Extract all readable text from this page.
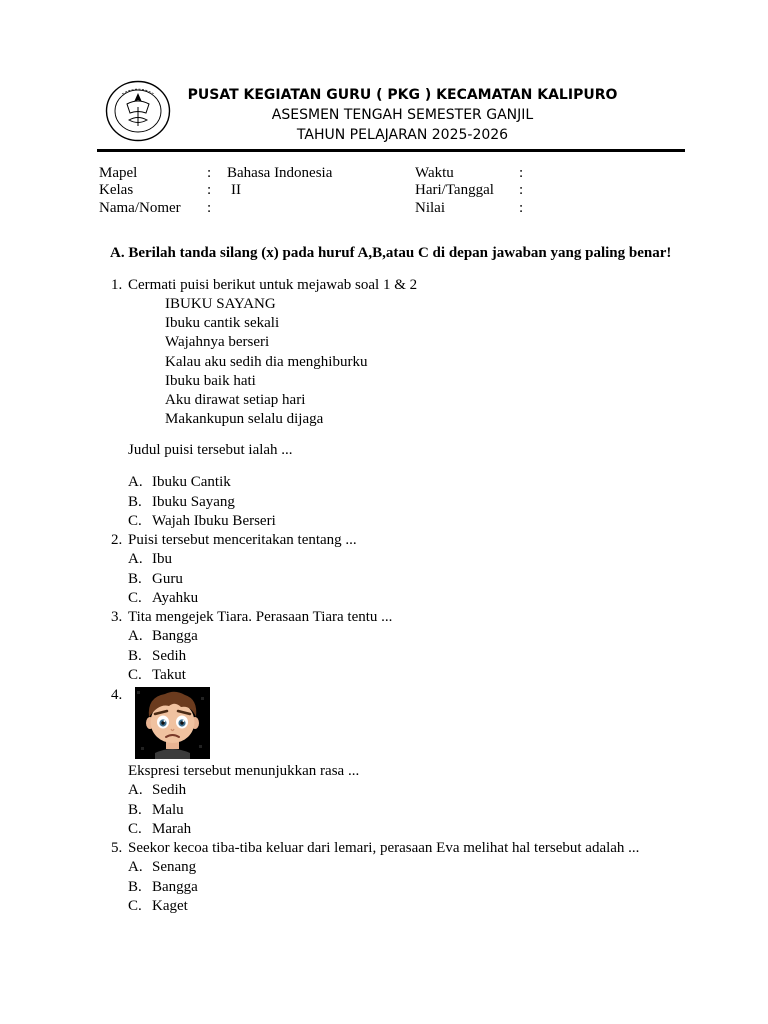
PUSAT KEGIATAN GURU ( PKG ) KECAMATAN KALIPURO
ASESMEN TENGAH SEMESTER GANJIL
TAHUN PELAJARAN 2025-2026
Mapel	: Bahasa Indonesia	Waktu	:
Kelas	: II	Hari/Tanggal :
Nama/Nomer :	Nilai	:
A. Berilah tanda silang (x) pada huruf A,B,atau C di depan jawaban yang paling benar!
1. Cermati puisi berikut untuk mejawab soal 1 & 2
IBUKU SAYANG
Ibuku cantik sekali
Wajahnya berseri
Kalau aku sedih dia menghiburku
Ibuku baik hati
Aku dirawat setiap hari
Makankupun selalu dijaga
Judul puisi tersebut ialah ...
A. Ibuku Cantik
B. Ibuku Sayang
C. Wajah Ibuku Berseri
2. Puisi tersebut menceritakan tentang ...
A. Ibu
B. Guru
C. Ayahku
3. Tita mengejek Tiara. Perasaan Tiara tentu ...
A. Bangga
B. Sedih
C. Takut
4.
Ekspresi tersebut menunjukkan rasa ...
A. Sedih
B. Malu
C. Marah
5. Seekor kecoa tiba-tiba keluar dari lemari, perasaan Eva melihat hal tersebut adalah ...
A. Senang
B. Bangga
C. Kaget
